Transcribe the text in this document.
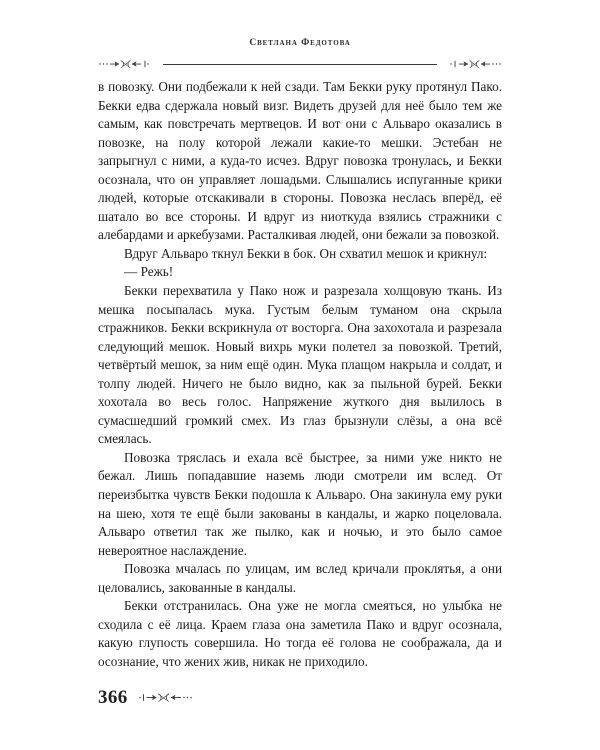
Светлана Федотова

в повозку. Они подбежали к ней сзади. Там Бекки руку протянул Пако. Бекки едва сдержала новый визг. Видеть друзей для неё было тем же самым, как повстречать мертвецов. И вот они с Альваро оказались в повозке, на полу которой лежали какие-то мешки. Эстебан не запрыгнул с ними, а куда-то исчез. Вдруг повозка тронулась, и Бекки осознала, что он управляет лошадьми. Слышались испуганные крики людей, которые отскакивали в стороны. Повозка неслась вперёд, её шатало во все стороны. И вдруг из ниоткуда взялись стражники с алебардами и аркебузами. Расталкивая людей, они бежали за повозкой.

Вдруг Альваро ткнул Бекки в бок. Он схватил мешок и крикнул:

— Режь!

Бекки перехватила у Пако нож и разрезала холщовую ткань. Из мешка посыпалась мука. Густым белым туманом она скрыла стражников. Бекки вскрикнула от восторга. Она захохотала и разрезала следующий мешок. Новый вихрь муки полетел за повозкой. Третий, четвёртый мешок, за ним ещё один. Мука плащом накрыла и солдат, и толпу людей. Ничего не было видно, как за пыльной бурей. Бекки хохотала во весь голос. Напряжение жуткого дня вылилось в сумасшедший громкий смех. Из глаз брызнули слёзы, а она всё смеялась.

Повозка тряслась и ехала всё быстрее, за ними уже никто не бежал. Лишь попадавшие наземь люди смотрели им вслед. От переизбытка чувств Бекки подошла к Альваро. Она закинула ему руки на шею, хотя те ещё были закованы в кандалы, и жарко поцеловала. Альваро ответил так же пылко, как и ночью, и это было самое невероятное наслаждение.

Повозка мчалась по улицам, им вслед кричали проклятья, а они целовались, закованные в кандалы.

Бекки отстранилась. Она уже не могла смеяться, но улыбка не сходила с её лица. Краем глаза она заметила Пако и вдруг осознала, какую глупость совершила. Но тогда её голова не соображала, да и осознание, что жених жив, никак не приходило.

366
